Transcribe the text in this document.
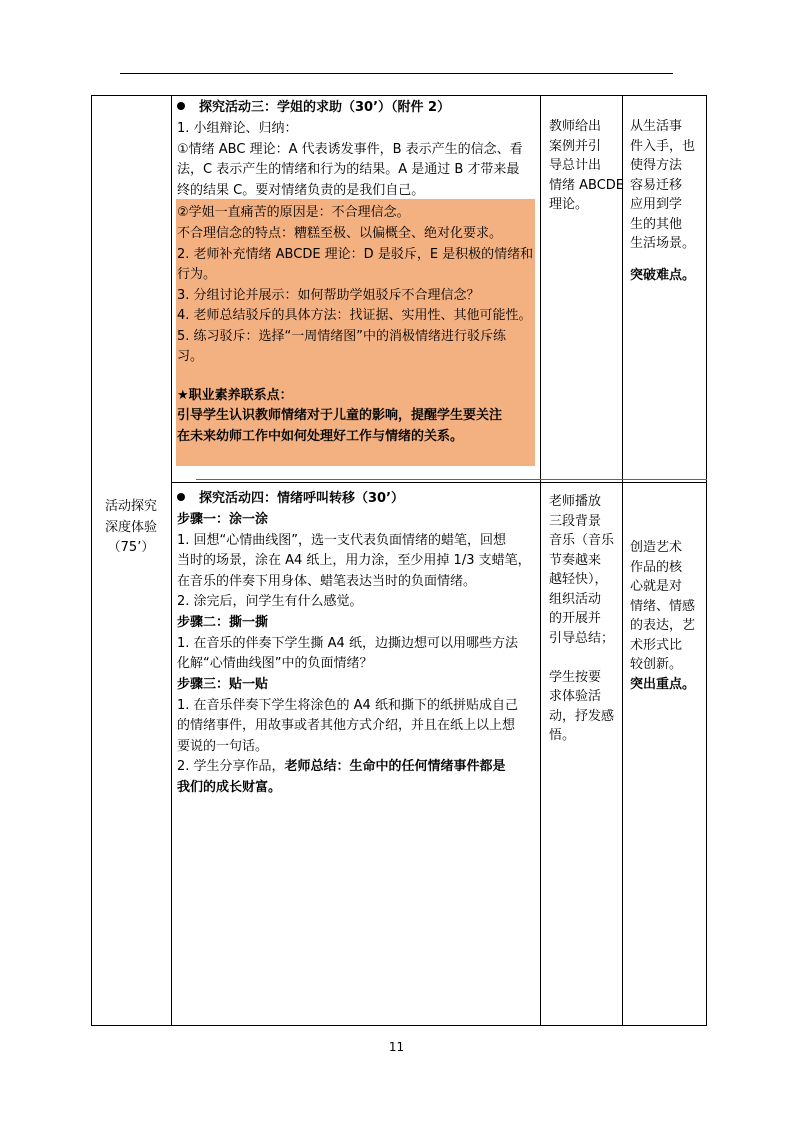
活动探究
深度体验
（75’）
探究活动三：学姐的求助（30’）（附件 2）
1. 小组辩论、归纳：
①情绪 ABC 理论：A 代表诱发事件，B 表示产生的信念、看
法，C 表示产生的情绪和行为的结果。A 是通过 B 才带来最
终的结果 C。要对情绪负责的是我们自己。
②学姐一直痛苦的原因是：不合理信念。
不合理信念的特点：糟糕至极、以偏概全、绝对化要求。
2. 老师补充情绪 ABCDE 理论：D 是驳斥，E 是积极的情绪和
行为。
3. 分组讨论并展示：如何帮助学姐驳斥不合理信念？
4. 老师总结驳斥的具体方法：找证据、实用性、其他可能性。
5. 练习驳斥：选择“一周情绪图”中的消极情绪进行驳斥练
习。
★职业素养联系点：
引导学生认识教师情绪对于儿童的影响，提醒学生要关注
在未来幼师工作中如何处理好工作与情绪的关系。
教师给出
案例并引
导总计出
情绪 ABCDE
理论。
从生活事
件入手，也
使得方法
容易迁移
应用到学
生的其他
生活场景。
突破难点。
探究活动四：情绪呼叫转移（30’）
步骤一：涂一涂
1. 回想“心情曲线图”，选一支代表负面情绪的蜡笔，回想
当时的场景，涂在 A4 纸上，用力涂，至少用掉 1/3 支蜡笔，
在音乐的伴奏下用身体、蜡笔表达当时的负面情绪。
2. 涂完后，问学生有什么感觉。
步骤二：撕一撕
1. 在音乐的伴奏下学生撕 A4 纸，边撕边想可以用哪些方法
化解“心情曲线图”中的负面情绪？
步骤三：贴一贴
1. 在音乐伴奏下学生将涂色的 A4 纸和撕下的纸拼贴成自己
的情绪事件，用故事或者其他方式介绍，并且在纸上以上想
要说的一句话。
2. 学生分享作品，老师总结：生命中的任何情绪事件都是
我们的成长财富。
老师播放
三段背景
音乐（音乐
节奏越来
越轻快），
组织活动
的开展并
引导总结；
学生按要
求体验活
动，抒发感
悟。
创造艺术
作品的核
心就是对
情绪、情感
的表达，艺
术形式比
较创新。
突出重点。
11
